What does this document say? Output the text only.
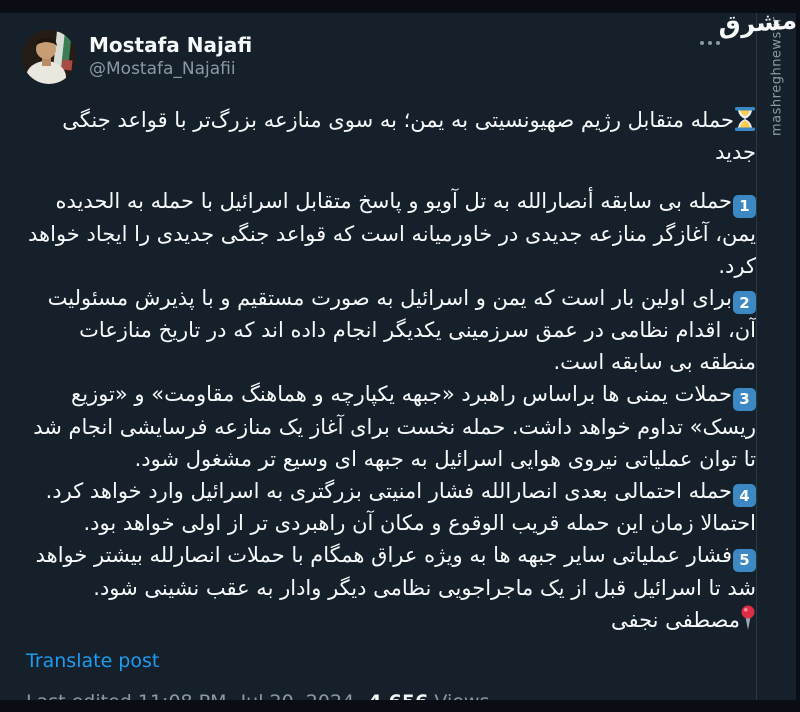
mashreghnews.ir
مشرق
Mostafa Najafi
@Mostafa_Najafii
حمله متقابل رژیم صهیونسیتی به یمن؛ به سوی منازعه بزرگ‌تر با قواعد جنگی جدید
1حمله بی سابقه أنصارالله به تل آویو و پاسخ متقابل اسرائیل با حمله به الحدیده یمن، آغازگر منازعه جدیدی در خاورمیانه است که قواعد جنگی جدیدی را ایجاد خواهد کرد.
2برای اولین بار است که یمن و اسرائیل به صورت مستقیم و با پذیرش مسئولیت آن، اقدام نظامی در عمق سرزمینی یکدیگر انجام داده اند که در تاریخ منازعات منطقه بی سابقه است.
3حملات یمنی ها براساس راهبرد «جبهه یکپارچه و هماهنگ مقاومت» و «توزیع ریسک» تداوم خواهد داشت. حمله نخست برای آغاز یک منازعه فرسایشی انجام شد تا توان عملیاتی نیروی هوایی اسرائیل به جبهه ای وسیع تر مشغول شود.
4حمله احتمالی بعدی انصارالله فشار امنیتی بزرگتری به اسرائیل وارد خواهد کرد. احتمالا زمان این حمله قریب الوقوع و مکان آن راهبردی تر از اولی خواهد بود.
5فشار عملیاتی سایر جبهه ها به ویژه عراق همگام با حملات انصارلله بیشتر خواهد شد تا اسرائیل قبل از یک ماجراجویی نظامی دیگر وادار به عقب نشینی شود.
مصطفی نجفی
Translate post
